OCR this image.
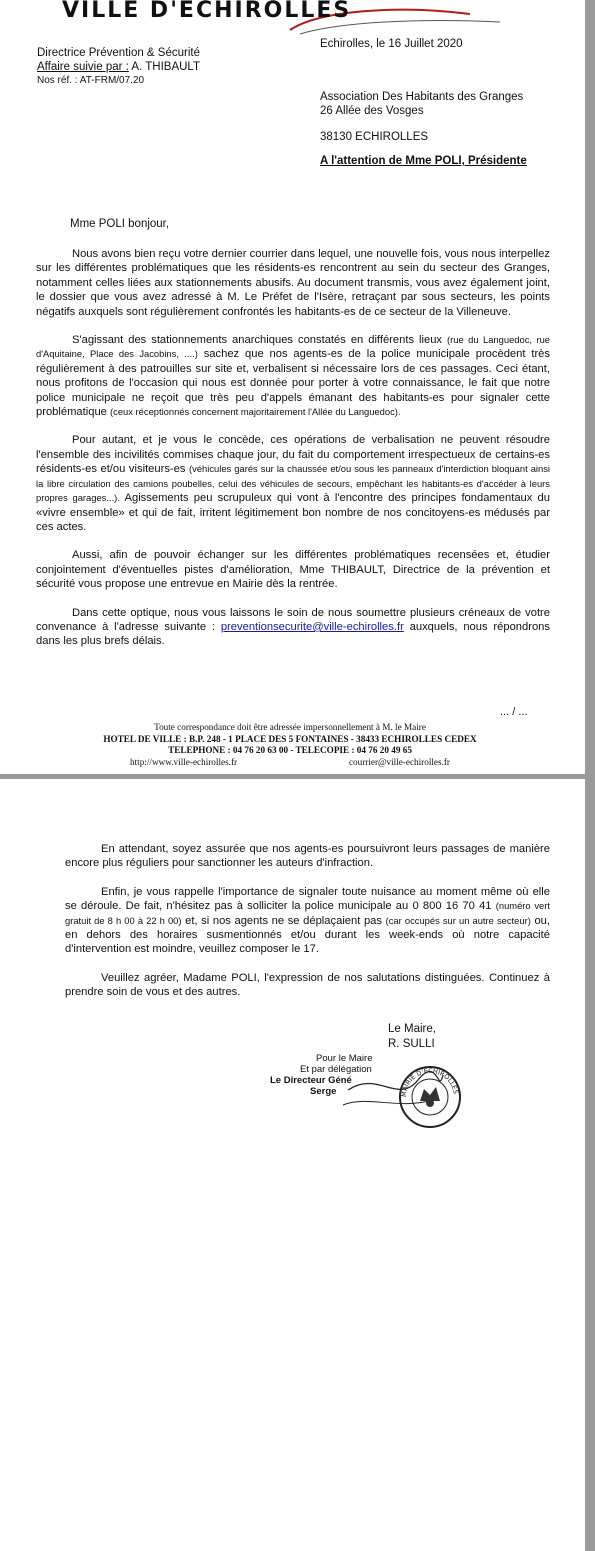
VILLE D'ECHIROLLES
Directrice Prévention & Sécurité
Affaire suivie par : A. THIBAULT
Nos réf. : AT-FRM/07.20
Echirolles, le 16 Juillet 2020
Association Des Habitants des Granges
26 Allée des Vosges
38130 ECHIROLLES
A l'attention de Mme POLI, Présidente
Mme POLI bonjour,

Nous avons bien reçu votre dernier courrier dans lequel, une nouvelle fois, vous nous interpellez sur les différentes problématiques que les résidents-es rencontrent au sein du secteur des Granges, notamment celles liées aux stationnements abusifs. Au document transmis, vous avez également joint, le dossier que vous avez adressé à M. Le Préfet de l'Isère, retraçant par sous secteurs, les points négatifs auxquels sont régulièrement confrontés les habitants-es de ce secteur de la Villeneuve.

S'agissant des stationnements anarchiques constatés en différents lieux (rue du Languedoc, rue d'Aquitaine, Place des Jacobins, ....) sachez que nos agents-es de la police municipale procèdent très régulièrement à des patrouilles sur site et, verbalisent si nécessaire lors de ces passages. Ceci étant, nous profitons de l'occasion qui nous est donnée pour porter à votre connaissance, le fait que notre police municipale ne reçoit que très peu d'appels émanant des habitants-es pour signaler cette problématique (ceux réceptionnés concernent majoritairement l'Allée du Languedoc).

Pour autant, et je vous le concède, ces opérations de verbalisation ne peuvent résoudre l'ensemble des incivilités commises chaque jour, du fait du comportement irrespectueux de certains-es résidents-es et/ou visiteurs-es (véhicules garés sur la chaussée et/ou sous les panneaux d'interdiction bloquant ainsi la libre circulation des camions poubelles, celui des véhicules de secours, empêchant les habitants-es d'accéder à leurs propres garages...). Agissements peu scrupuleux qui vont à l'encontre des principes fondamentaux du «vivre ensemble» et qui de fait, irritent légitimement bon nombre de nos concitoyens-es médusés par ces actes.

Aussi, afin de pouvoir échanger sur les différentes problématiques recensées et, étudier conjointement d'éventuelles pistes d'amélioration, Mme THIBAULT, Directrice de la prévention et sécurité vous propose une entrevue en Mairie dès la rentrée.

Dans cette optique, nous vous laissons le soin de nous soumettre plusieurs créneaux de votre convenance à l'adresse suivante : preventionsecurite@ville-echirolles.fr auxquels, nous répondrons dans les plus brefs délais.

... / ...
Toute correspondance doit être adressée impersonnellement à M. le Maire
HOTEL DE VILLE : B.P. 248 - 1 PLACE DES 5 FONTAINES - 38433 ECHIROLLES CEDEX
TELEPHONE : 04 76 20 63 00 - TELECOPIE : 04 76 20 49 65
http://www.ville-echirolles.fr	courrier@ville-echirolles.fr

En attendant, soyez assurée que nos agents-es poursuivront leurs passages de manière encore plus réguliers pour sanctionner les auteurs d'infraction.

Enfin, je vous rappelle l'importance de signaler toute nuisance au moment même où elle se déroule. De fait, n'hésitez pas à solliciter la police municipale au 0 800 16 70 41 (numéro vert gratuit de 8 h 00 à 22 h 00) et, si nos agents ne se déplaçaient pas (car occupés sur un autre secteur) ou, en dehors des horaires susmentionnés et/ou durant les week-ends où notre capacité d'intervention est moindre, veuillez composer le 17.

Veuillez agréer, Madame POLI, l'expression de nos salutations distinguées. Continuez à prendre soin de vous et des autres.

Le Maire,
R. SULLI
Pour le Maire
Et par délégation
Le Directeur Géné
Serge	MAIRIE D'ECHIROLLES
